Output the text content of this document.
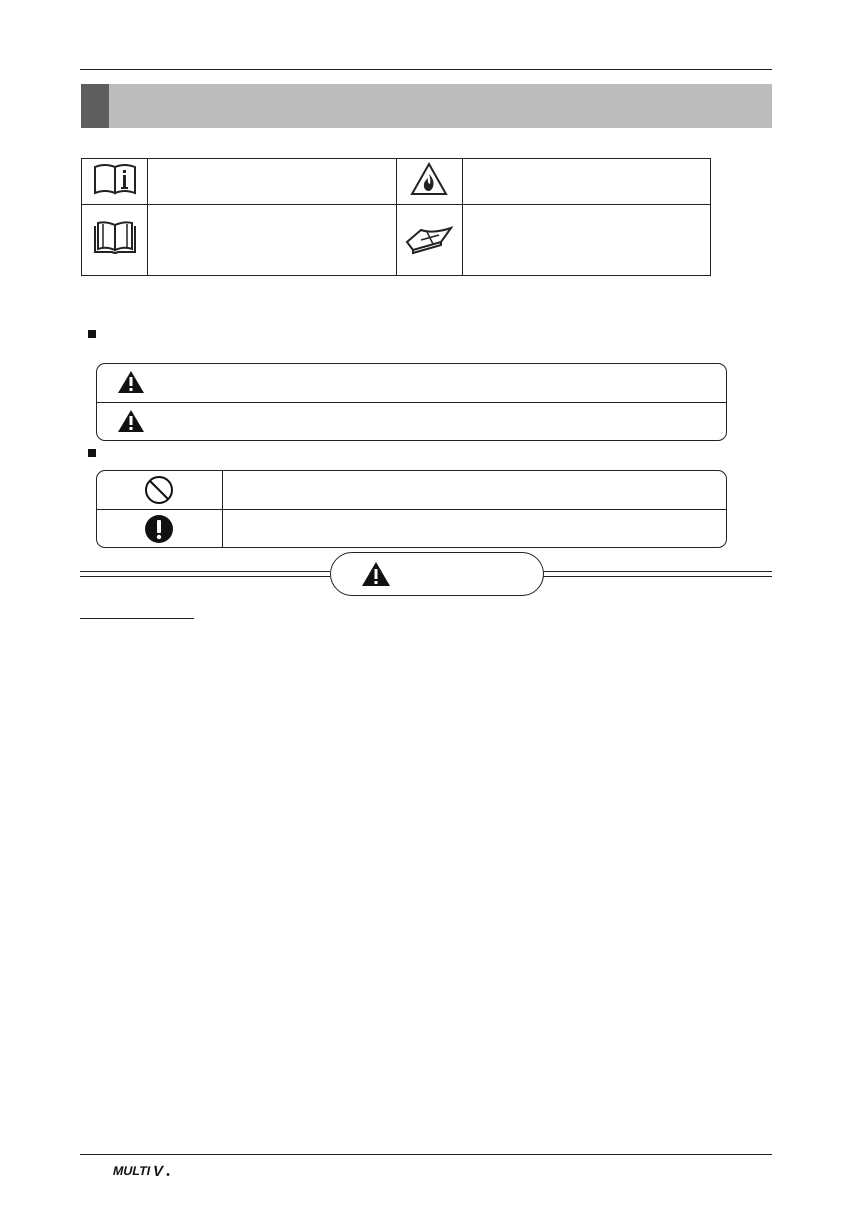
MULTI V
